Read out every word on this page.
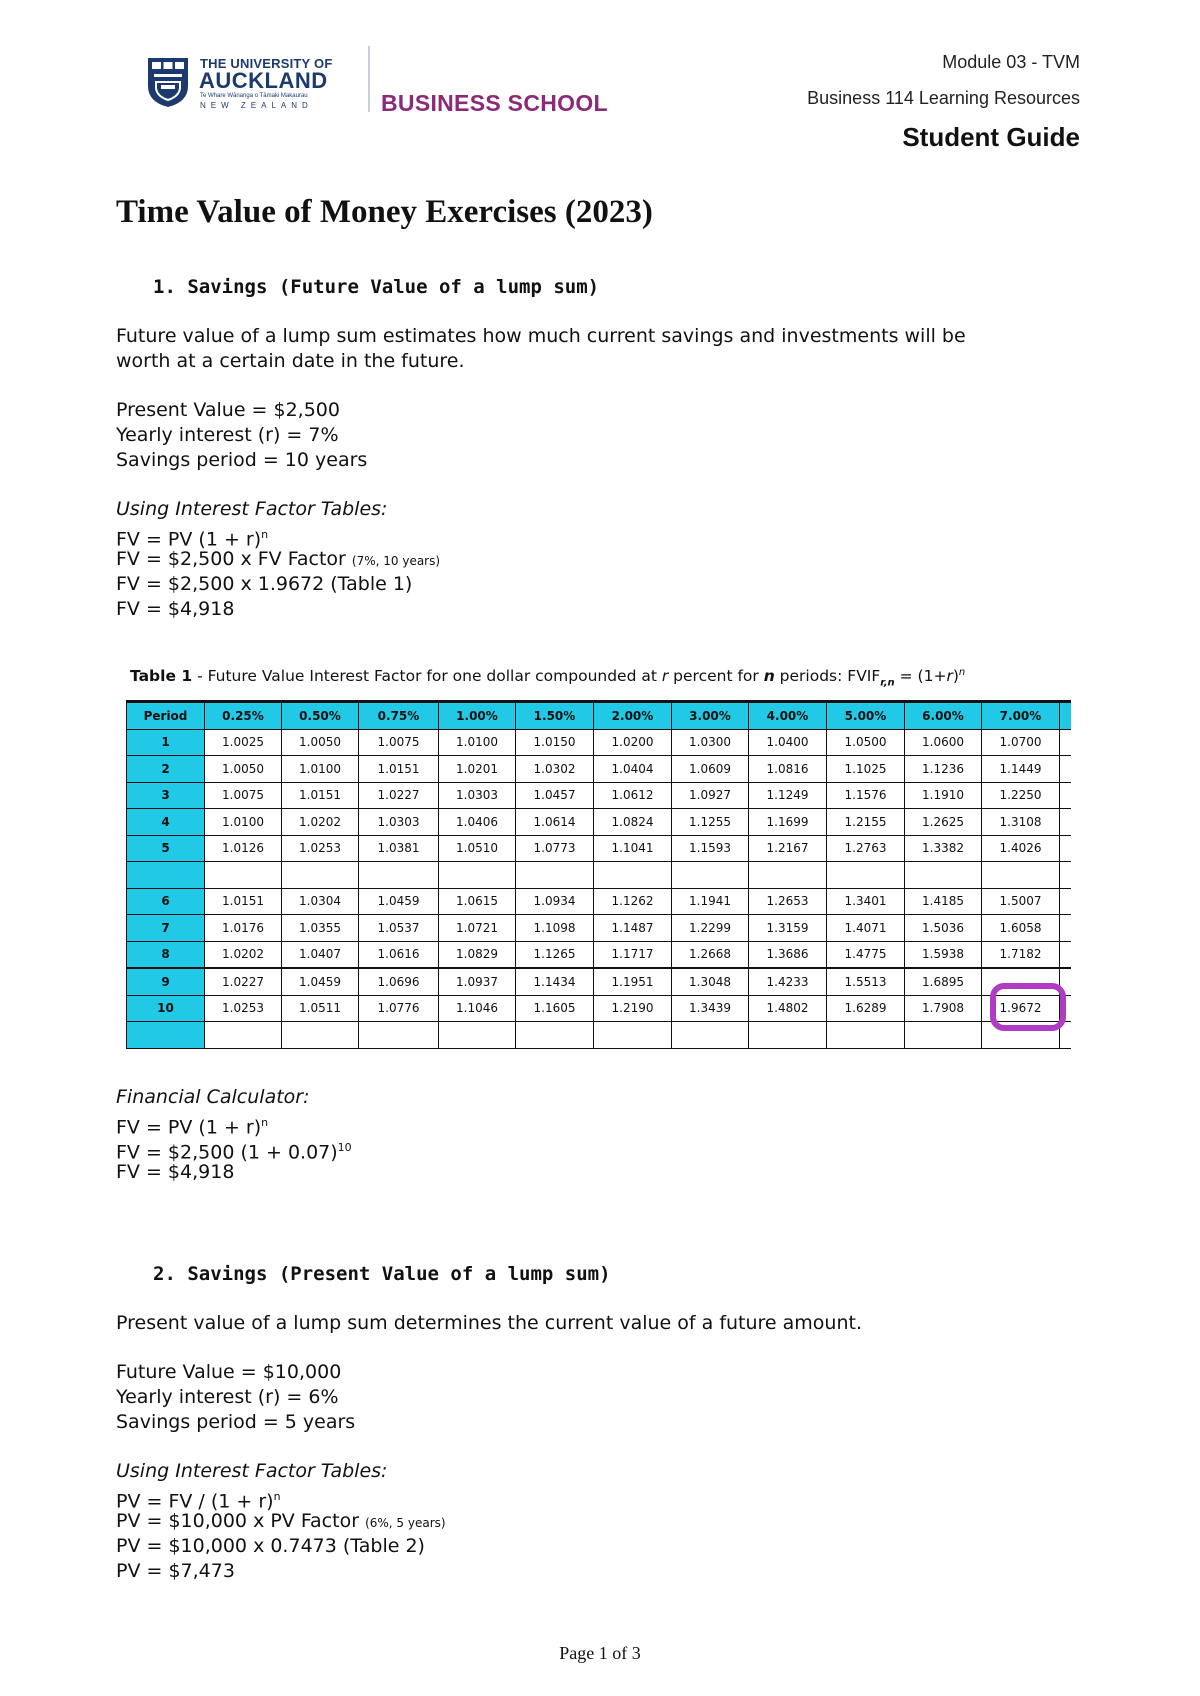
THE UNIVERSITY OF
AUCKLAND
Te Whare Wānanga o Tāmaki Makaurau
NEW ZEALAND	BUSINESS SCHOOL
Module 03 - TVM
Business 114 Learning Resources
Student Guide
Time Value of Money Exercises (2023)
1. Savings (Future Value of a lump sum)
Future value of a lump sum estimates how much current savings and investments will be
worth at a certain date in the future.
Present Value = $2,500
Yearly interest (r) = 7%
Savings period = 10 years
Using Interest Factor Tables:
FV = PV $(1 + r)^n$
FV = $2,500 x FV Factor (7%, 10 years)
FV = $2,500 x 1.9672 (Table 1)
FV = $4,918
Table 1 - Future Value Interest Factor for one dollar compounded at r percent for n periods: $FVIF_{r,n} = (1+r)^n$
Period	0.25%	0.50%	0.75%	1.00%	1.50%	2.00%	3.00%	4.00%	5.00%	6.00%	7.00%	
1	1.0025	1.0050	1.0075	1.0100	1.0150	1.0200	1.0300	1.0400	1.0500	1.0600	1.0700	
2	1.0050	1.0100	1.0151	1.0201	1.0302	1.0404	1.0609	1.0816	1.1025	1.1236	1.1449	
3	1.0075	1.0151	1.0227	1.0303	1.0457	1.0612	1.0927	1.1249	1.1576	1.1910	1.2250	
4	1.0100	1.0202	1.0303	1.0406	1.0614	1.0824	1.1255	1.1699	1.2155	1.2625	1.3108	
5	1.0126	1.0253	1.0381	1.0510	1.0773	1.1041	1.1593	1.2167	1.2763	1.3382	1.4026	

6	1.0151	1.0304	1.0459	1.0615	1.0934	1.1262	1.1941	1.2653	1.3401	1.4185	1.5007	
7	1.0176	1.0355	1.0537	1.0721	1.1098	1.1487	1.2299	1.3159	1.4071	1.5036	1.6058	
8	1.0202	1.0407	1.0616	1.0829	1.1265	1.1717	1.2668	1.3686	1.4775	1.5938	1.7182	
9	1.0227	1.0459	1.0696	1.0937	1.1434	1.1951	1.3048	1.4233	1.5513	1.6895		
10	1.0253	1.0511	1.0776	1.1046	1.1605	1.2190	1.3439	1.4802	1.6289	1.7908	1.9672	

Financial Calculator:
FV = PV $(1 + r)^n$
FV = $2,500 $(1 + 0.07)^{10}$
FV = $4,918
2. Savings (Present Value of a lump sum)
Present value of a lump sum determines the current value of a future amount.
Future Value = $10,000
Yearly interest (r) = 6%
Savings period = 5 years
Using Interest Factor Tables:
PV = FV / $(1 + r)^n$
PV = $10,000 x PV Factor (6%, 5 years)
PV = $10,000 x 0.7473 (Table 2)
PV = $7,473
Page 1 of 3
